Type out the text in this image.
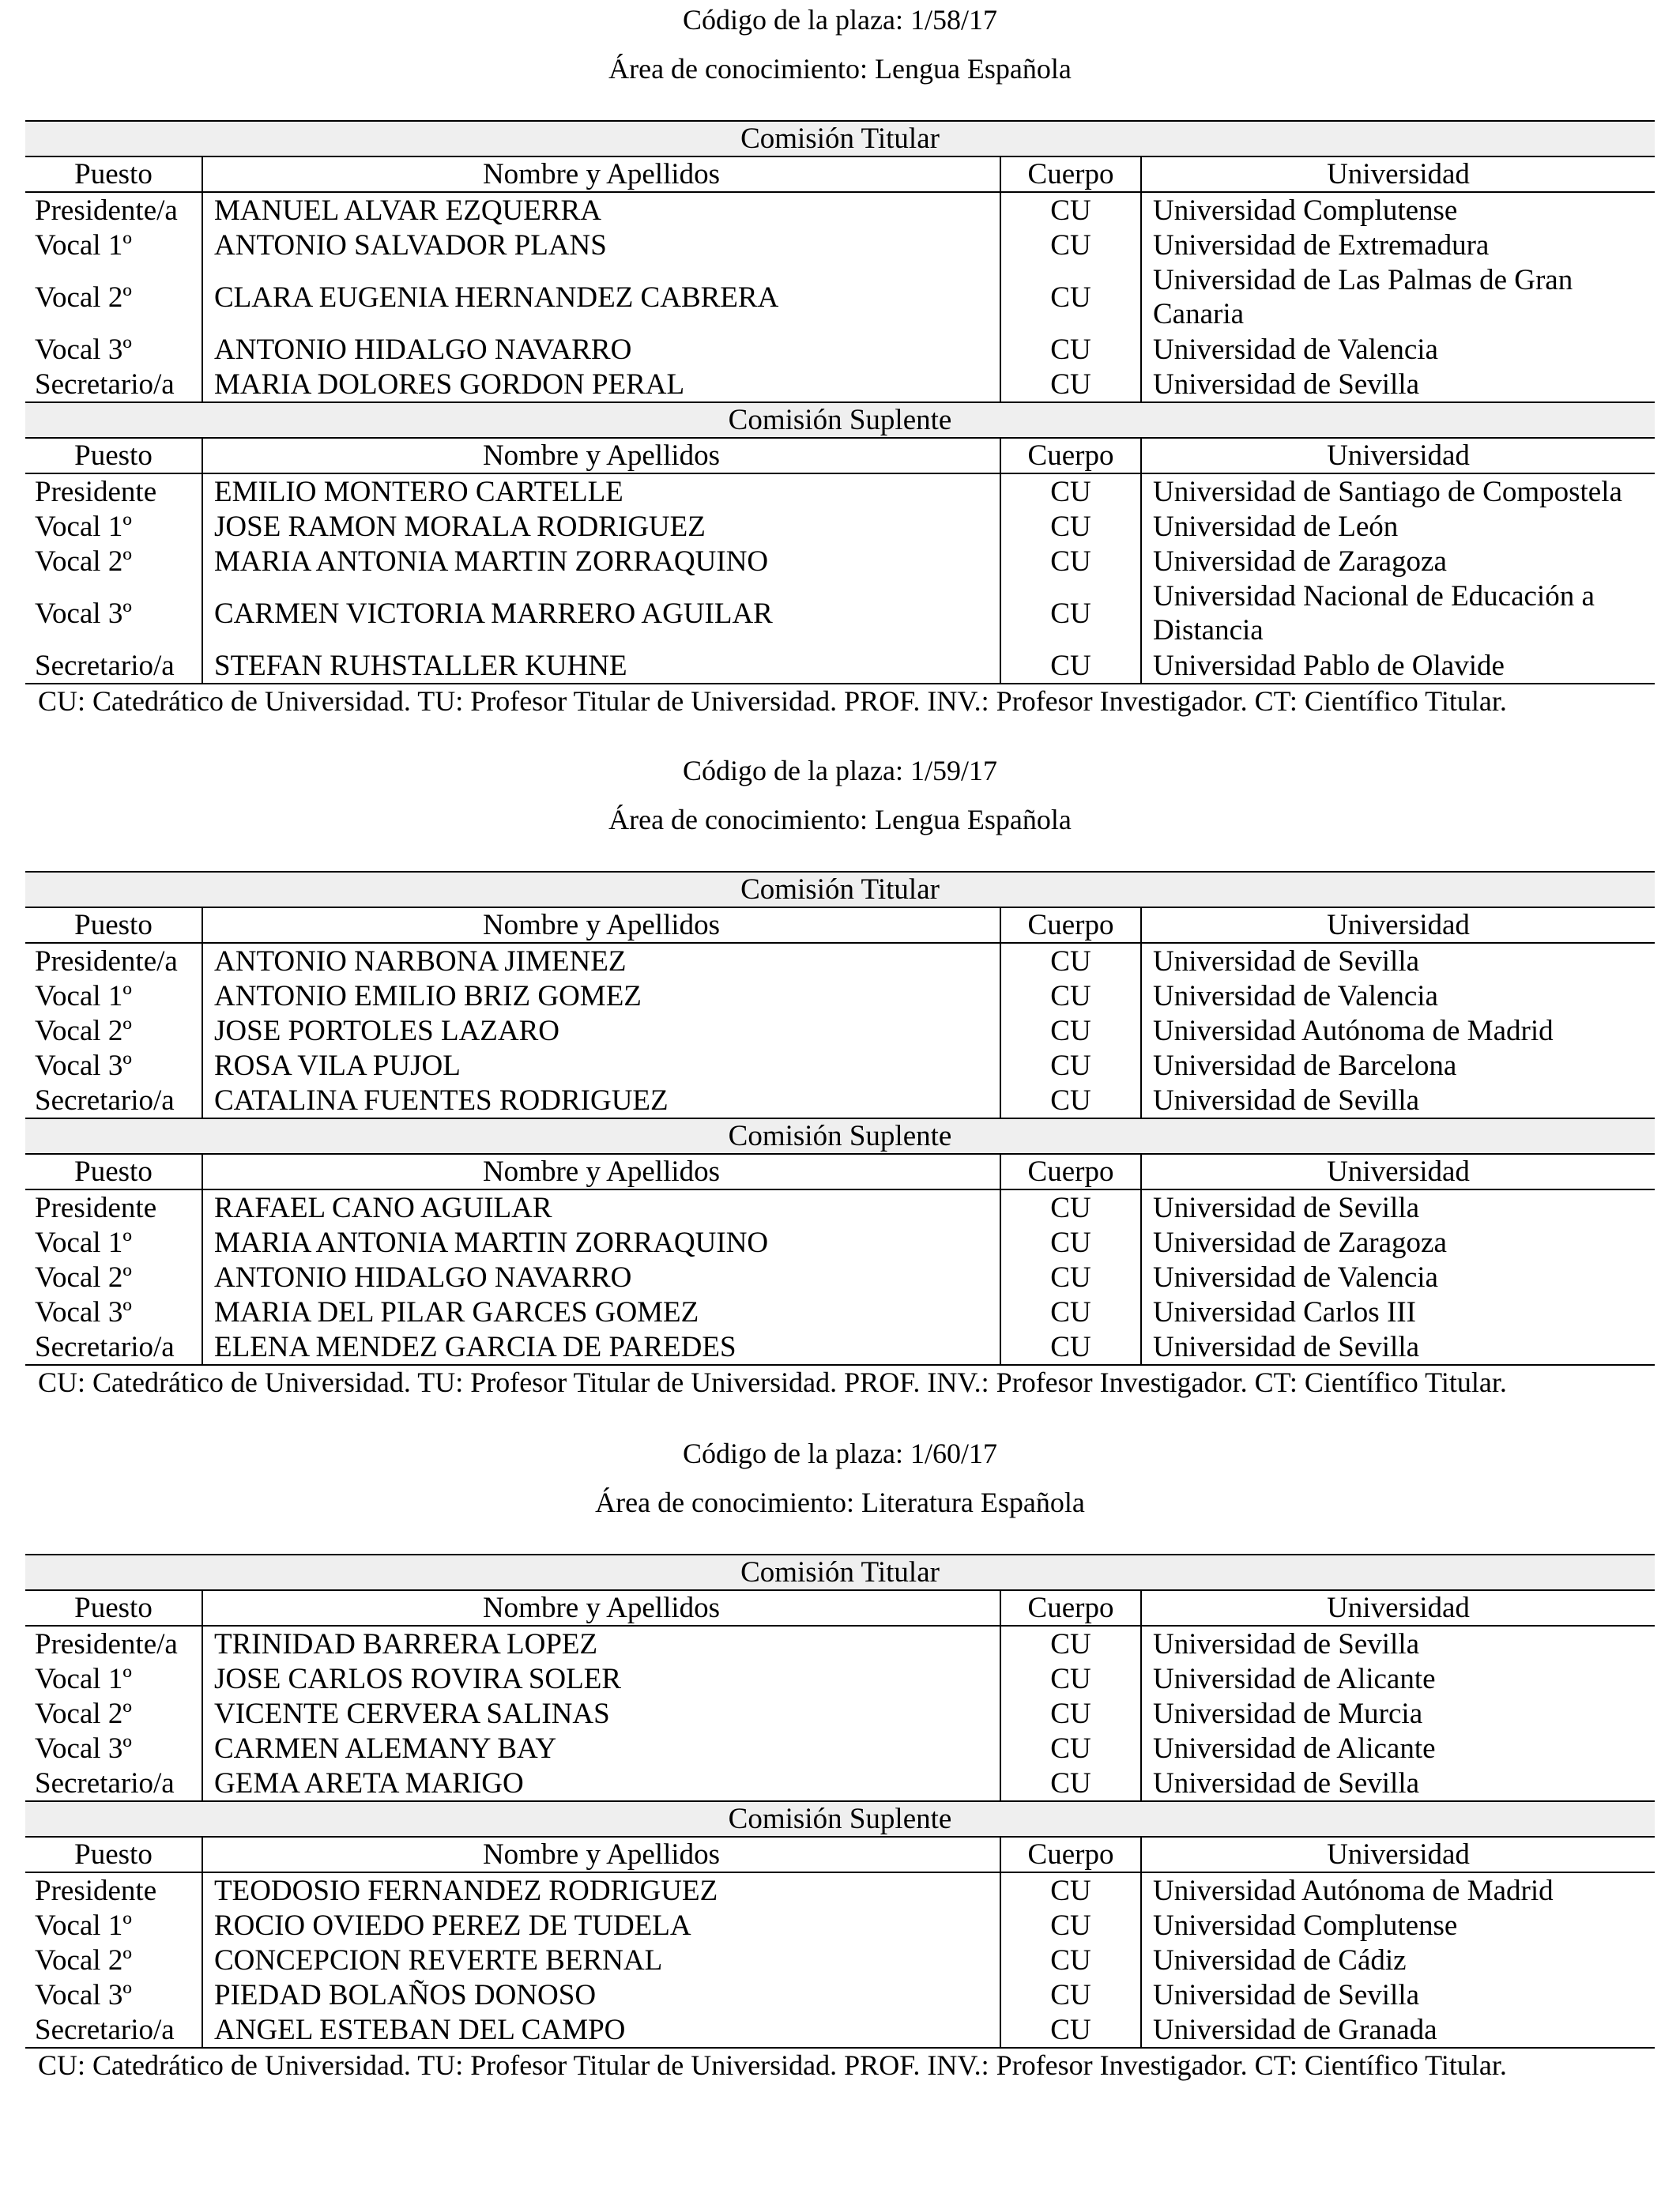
Código de la plaza: 1/58/17
Área de conocimiento: Lengua Española
Comisión Titular			
Puesto	Nombre y Apellidos	Cuerpo	Universidad
Presidente/a	MANUEL ALVAR EZQUERRA	CU	Universidad Complutense
Vocal 1º	ANTONIO SALVADOR PLANS	CU	Universidad de Extremadura
Vocal 2º	CLARA EUGENIA HERNANDEZ CABRERA	CU	Universidad de Las Palmas de Gran Canaria
Vocal 3º	ANTONIO HIDALGO NAVARRO	CU	Universidad de Valencia
Secretario/a	MARIA DOLORES GORDON PERAL	CU	Universidad de Sevilla
Comisión Suplente			
Puesto	Nombre y Apellidos	Cuerpo	Universidad
Presidente	EMILIO MONTERO CARTELLE	CU	Universidad de Santiago de Compostela
Vocal 1º	JOSE RAMON MORALA RODRIGUEZ	CU	Universidad de León
Vocal 2º	MARIA ANTONIA MARTIN ZORRAQUINO	CU	Universidad de Zaragoza
Vocal 3º	CARMEN VICTORIA MARRERO AGUILAR	CU	Universidad Nacional de Educación a Distancia
Secretario/a	STEFAN RUHSTALLER KUHNE	CU	Universidad Pablo de Olavide
CU: Catedrático de Universidad. TU: Profesor Titular de Universidad. PROF. INV.: Profesor Investigador. CT: Científico Titular.
Código de la plaza: 1/59/17
Área de conocimiento: Lengua Española
Comisión Titular			
Puesto	Nombre y Apellidos	Cuerpo	Universidad
Presidente/a	ANTONIO NARBONA JIMENEZ	CU	Universidad de Sevilla
Vocal 1º	ANTONIO EMILIO BRIZ GOMEZ	CU	Universidad de Valencia
Vocal 2º	JOSE PORTOLES LAZARO	CU	Universidad Autónoma de Madrid
Vocal 3º	ROSA VILA PUJOL	CU	Universidad de Barcelona
Secretario/a	CATALINA FUENTES RODRIGUEZ	CU	Universidad de Sevilla
Comisión Suplente			
Puesto	Nombre y Apellidos	Cuerpo	Universidad
Presidente	RAFAEL CANO AGUILAR	CU	Universidad de Sevilla
Vocal 1º	MARIA ANTONIA MARTIN ZORRAQUINO	CU	Universidad de Zaragoza
Vocal 2º	ANTONIO HIDALGO NAVARRO	CU	Universidad de Valencia
Vocal 3º	MARIA DEL PILAR GARCES GOMEZ	CU	Universidad Carlos III
Secretario/a	ELENA MENDEZ GARCIA DE PAREDES	CU	Universidad de Sevilla
CU: Catedrático de Universidad. TU: Profesor Titular de Universidad. PROF. INV.: Profesor Investigador. CT: Científico Titular.
Código de la plaza: 1/60/17
Área de conocimiento: Literatura Española
Comisión Titular			
Puesto	Nombre y Apellidos	Cuerpo	Universidad
Presidente/a	TRINIDAD BARRERA LOPEZ	CU	Universidad de Sevilla
Vocal 1º	JOSE CARLOS ROVIRA SOLER	CU	Universidad de Alicante
Vocal 2º	VICENTE CERVERA SALINAS	CU	Universidad de Murcia
Vocal 3º	CARMEN ALEMANY BAY	CU	Universidad de Alicante
Secretario/a	GEMA ARETA MARIGO	CU	Universidad de Sevilla
Comisión Suplente			
Puesto	Nombre y Apellidos	Cuerpo	Universidad
Presidente	TEODOSIO FERNANDEZ RODRIGUEZ	CU	Universidad Autónoma de Madrid
Vocal 1º	ROCIO OVIEDO PEREZ DE TUDELA	CU	Universidad Complutense
Vocal 2º	CONCEPCION REVERTE BERNAL	CU	Universidad de Cádiz
Vocal 3º	PIEDAD BOLAÑOS DONOSO	CU	Universidad de Sevilla
Secretario/a	ANGEL ESTEBAN DEL CAMPO	CU	Universidad de Granada
CU: Catedrático de Universidad. TU: Profesor Titular de Universidad. PROF. INV.: Profesor Investigador. CT: Científico Titular.
